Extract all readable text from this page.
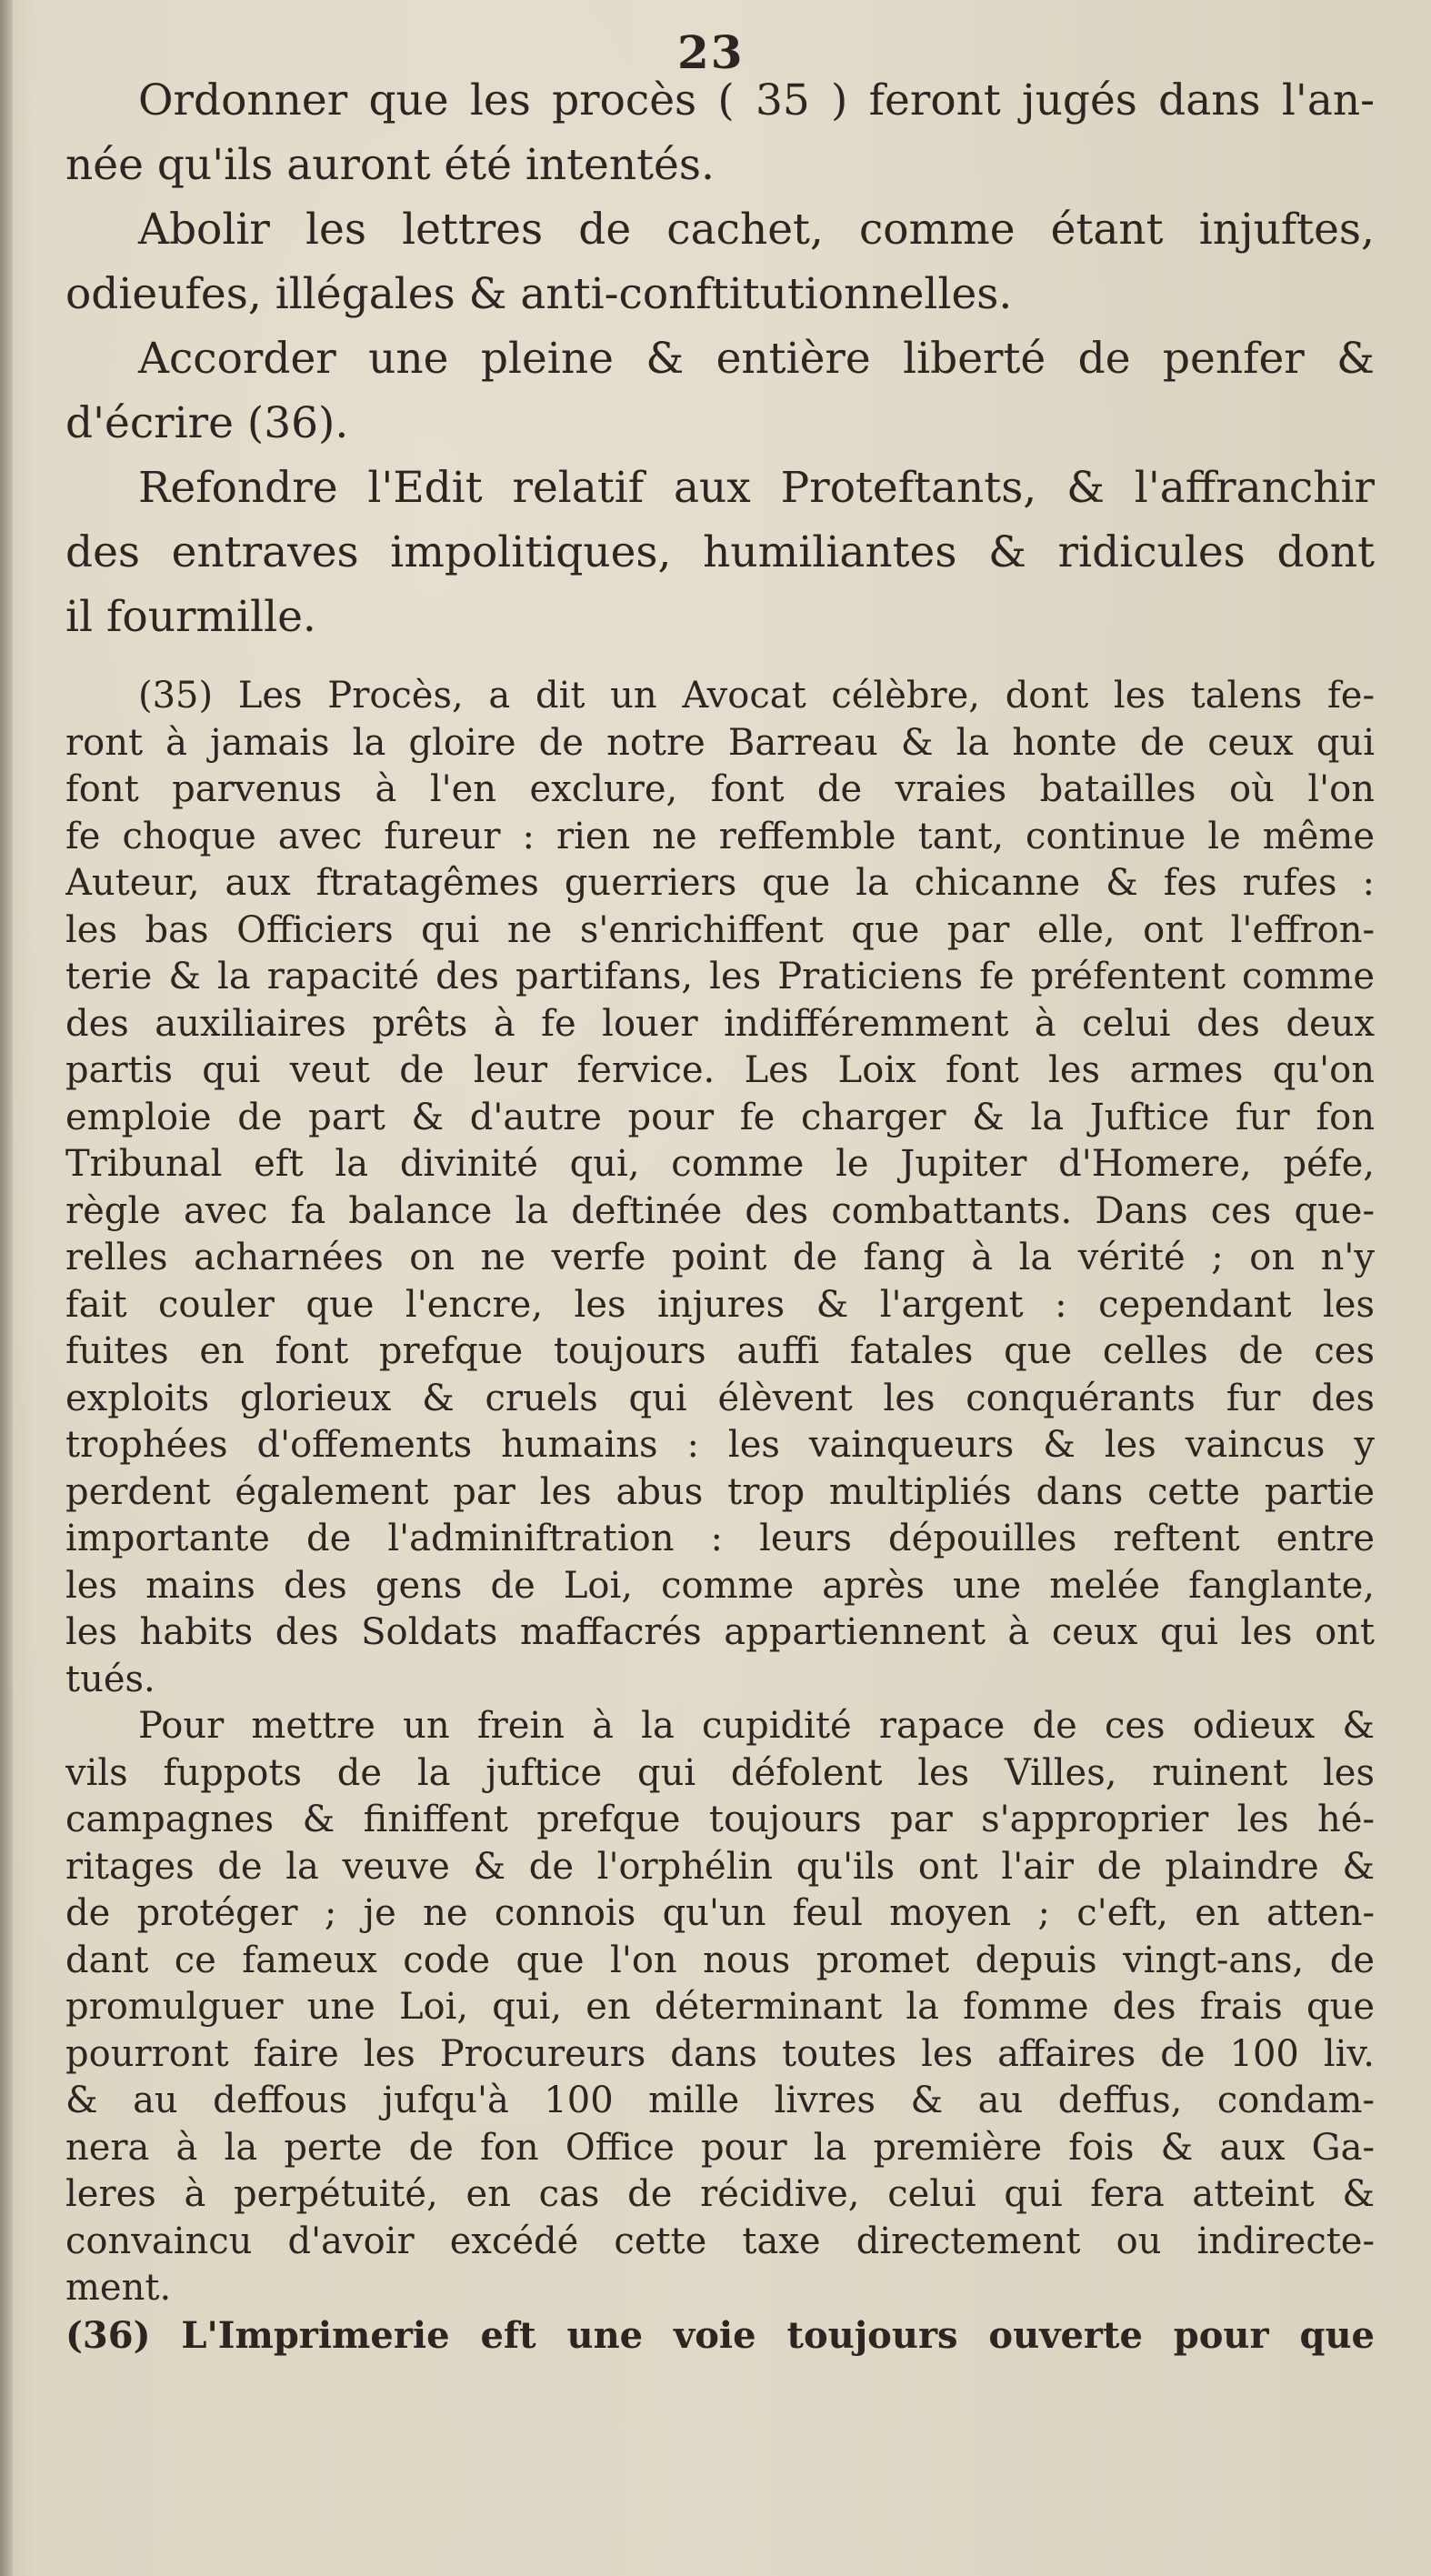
23
Ordonner que les procès ( 35 ) feront jugés dans l'an-
née qu'ils auront été intentés.
Abolir les lettres de cachet, comme étant injuftes,
odieufes, illégales & anti-conftitutionnelles.
Accorder une pleine & entière liberté de penfer &
d'écrire (36).
Refondre l'Edit relatif aux Proteftants, & l'affranchir
des entraves impolitiques, humiliantes & ridicules dont
il fourmille.
(35) Les Procès, a dit un Avocat célèbre, dont les talens fe-
ront à jamais la gloire de notre Barreau & la honte de ceux qui
font parvenus à l'en exclure, font de vraies batailles où l'on
fe choque avec fureur : rien ne reffemble tant, continue le même
Auteur, aux ftratagêmes guerriers que la chicanne & fes rufes :
les bas Officiers qui ne s'enrichiffent que par elle, ont l'effron-
terie & la rapacité des partifans, les Praticiens fe préfentent comme
des auxiliaires prêts à fe louer indifféremment à celui des deux
partis qui veut de leur fervice. Les Loix font les armes qu'on
emploie de part & d'autre pour fe charger & la Juftice fur fon
Tribunal eft la divinité qui, comme le Jupiter d'Homere, péfe,
règle avec fa balance la deftinée des combattants. Dans ces que-
relles acharnées on ne verfe point de fang à la vérité ; on n'y
fait couler que l'encre, les injures & l'argent : cependant les
fuites en font prefque toujours auffi fatales que celles de ces
exploits glorieux & cruels qui élèvent les conquérants fur des
trophées d'offements humains : les vainqueurs & les vaincus y
perdent également par les abus trop multipliés dans cette partie
importante de l'adminiftration : leurs dépouilles reftent entre
les mains des gens de Loi, comme après une melée fanglante,
les habits des Soldats maffacrés appartiennent à ceux qui les ont
tués.
Pour mettre un frein à la cupidité rapace de ces odieux &
vils fuppots de la juftice qui défolent les Villes, ruinent les
campagnes & finiffent prefque toujours par s'approprier les hé-
ritages de la veuve & de l'orphélin qu'ils ont l'air de plaindre &
de protéger ; je ne connois qu'un feul moyen ; c'eft, en atten-
dant ce fameux code que l'on nous promet depuis vingt-ans, de
promulguer une Loi, qui, en déterminant la fomme des frais que
pourront faire les Procureurs dans toutes les affaires de 100 liv.
& au deffous jufqu'à 100 mille livres & au deffus, condam-
nera à la perte de fon Office pour la première fois & aux Ga-
leres à perpétuité, en cas de récidive, celui qui fera atteint &
convaincu d'avoir excédé cette taxe directement ou indirecte-
ment.
(36) L'Imprimerie eft une voie toujours ouverte pour que
